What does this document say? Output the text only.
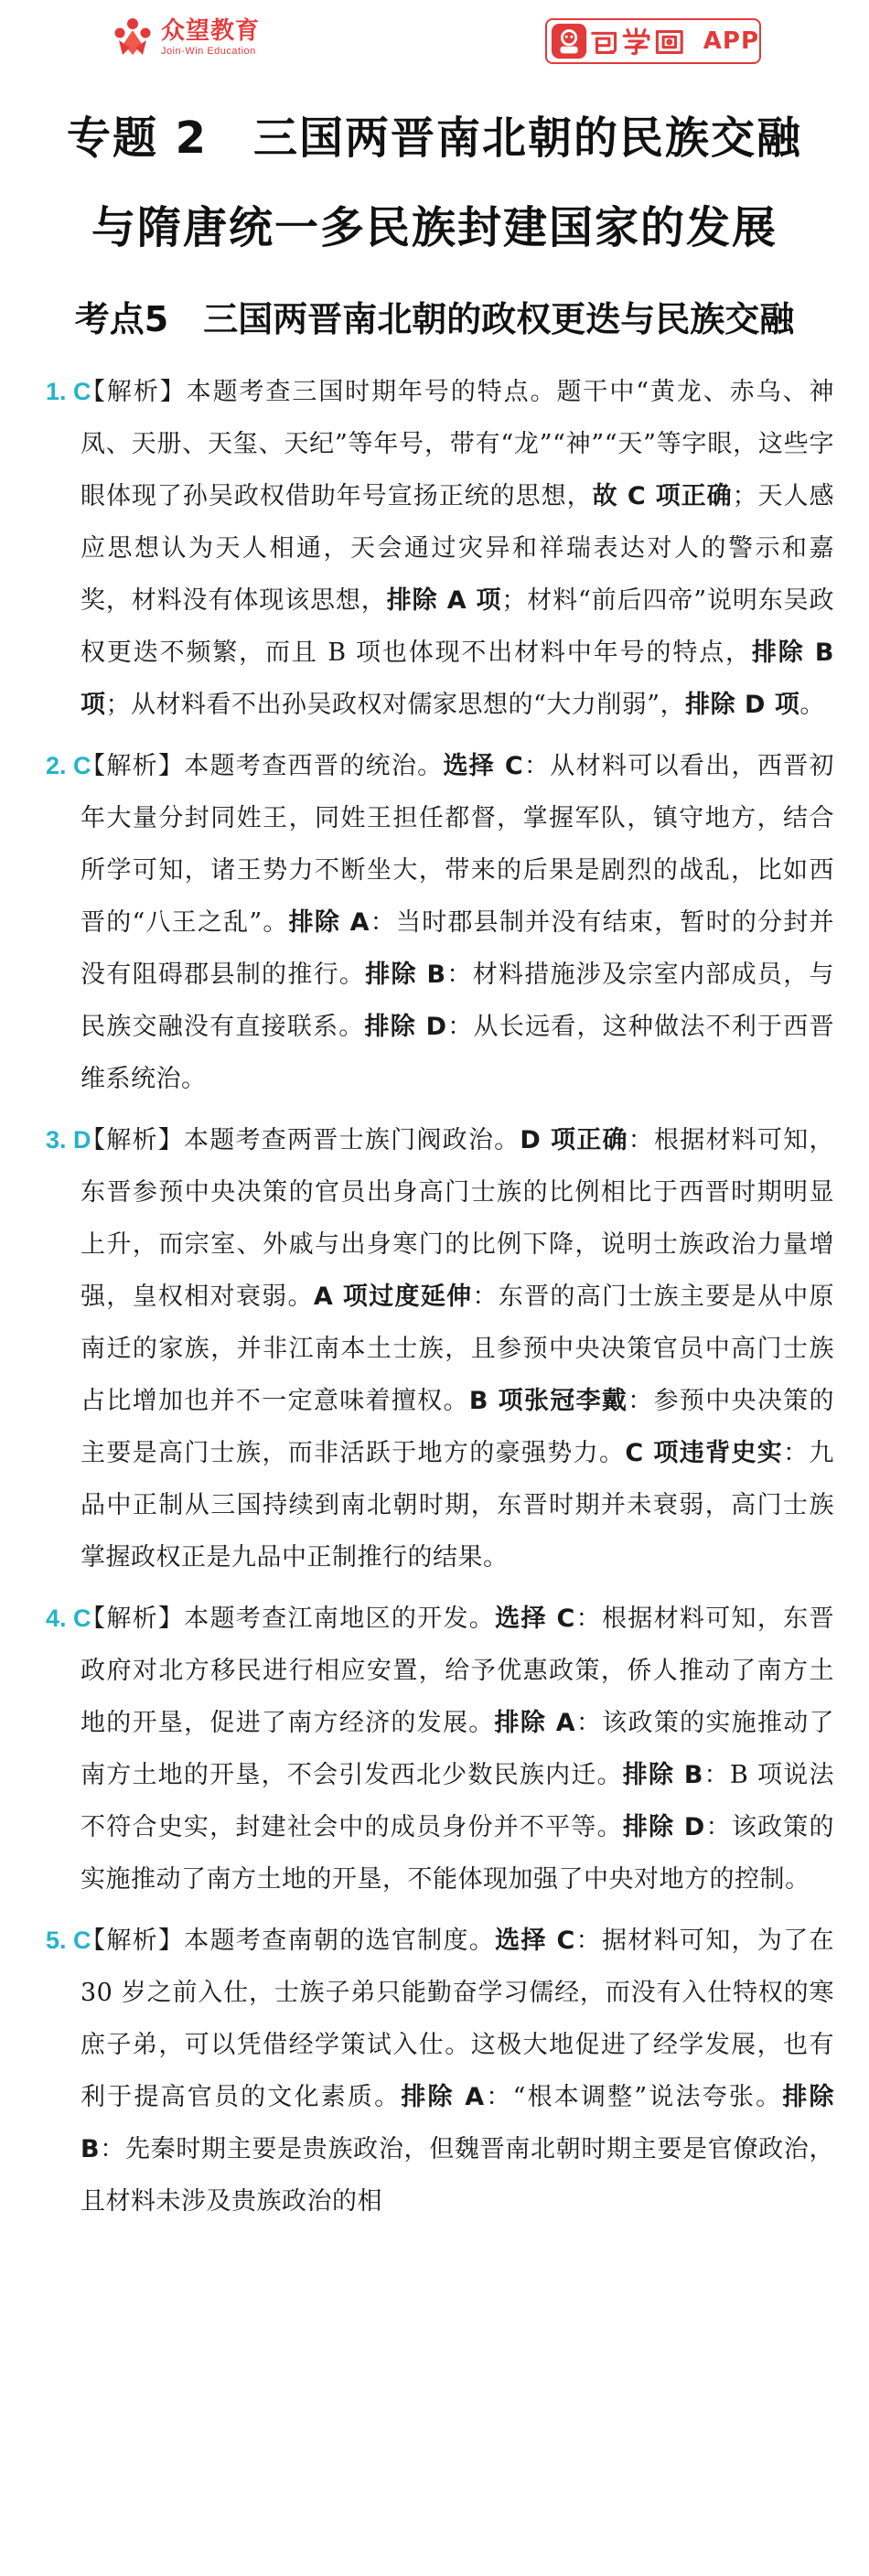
众望教育
Join-Win Education	APP
专题 2　三国两晋南北朝的民族交融
与隋唐统一多民族封建国家的发展
考点5　三国两晋南北朝的政权更迭与民族交融
1. C

【解析】本题考查三国时期年号的特点。题干中“黄龙、赤乌、神凤、天册、天玺、天纪”等年号，带有“龙”“神”“天”等字眼，这些字眼体现了孙吴政权借助年号宣扬正统的思想，故 C 项正确；天人感应思想认为天人相通，天会通过灾异和祥瑞表达对人的警示和嘉奖，材料没有体现该思想，排除 A 项；材料“前后四帝”说明东吴政权更迭不频繁，而且 B 项也体现不出材料中年号的特点，排除 B 项；从材料看不出孙吴政权对儒家思想的“大力削弱”，排除 D 项。

2. C

【解析】本题考查西晋的统治。选择 C：从材料可以看出，西晋初年大量分封同姓王，同姓王担任都督，掌握军队，镇守地方，结合所学可知，诸王势力不断坐大，带来的后果是剧烈的战乱，比如西晋的“八王之乱”。排除 A：当时郡县制并没有结束，暂时的分封并没有阻碍郡县制的推行。排除 B：材料措施涉及宗室内部成员，与民族交融没有直接联系。排除 D：从长远看，这种做法不利于西晋维系统治。

3. D

【解析】本题考查两晋士族门阀政治。D 项正确：根据材料可知，东晋参预中央决策的官员出身高门士族的比例相比于西晋时期明显上升，而宗室、外戚与出身寒门的比例下降，说明士族政治力量增强，皇权相对衰弱。A 项过度延伸：东晋的高门士族主要是从中原南迁的家族，并非江南本土士族，且参预中央决策官员中高门士族占比增加也并不一定意味着擅权。B 项张冠李戴：参预中央决策的主要是高门士族，而非活跃于地方的豪强势力。C 项违背史实：九品中正制从三国持续到南北朝时期，东晋时期并未衰弱，高门士族掌握政权正是九品中正制推行的结果。

4. C

【解析】本题考查江南地区的开发。选择 C：根据材料可知，东晋政府对北方移民进行相应安置，给予优惠政策，侨人推动了南方土地的开垦，促进了南方经济的发展。排除 A：该政策的实施推动了南方土地的开垦，不会引发西北少数民族内迁。排除 B：B 项说法不符合史实，封建社会中的成员身份并不平等。排除 D：该政策的实施推动了南方土地的开垦，不能体现加强了中央对地方的控制。

5. C

【解析】本题考查南朝的选官制度。选择 C：据材料可知，为了在 30 岁之前入仕，士族子弟只能勤奋学习儒经，而没有入仕特权的寒庶子弟，可以凭借经学策试入仕。这极大地促进了经学发展，也有利于提高官员的文化素质。排除 A：“根本调整”说法夸张。排除 B：先秦时期主要是贵族政治，但魏晋南北朝时期主要是官僚政治，且材料未涉及贵族政治的相
